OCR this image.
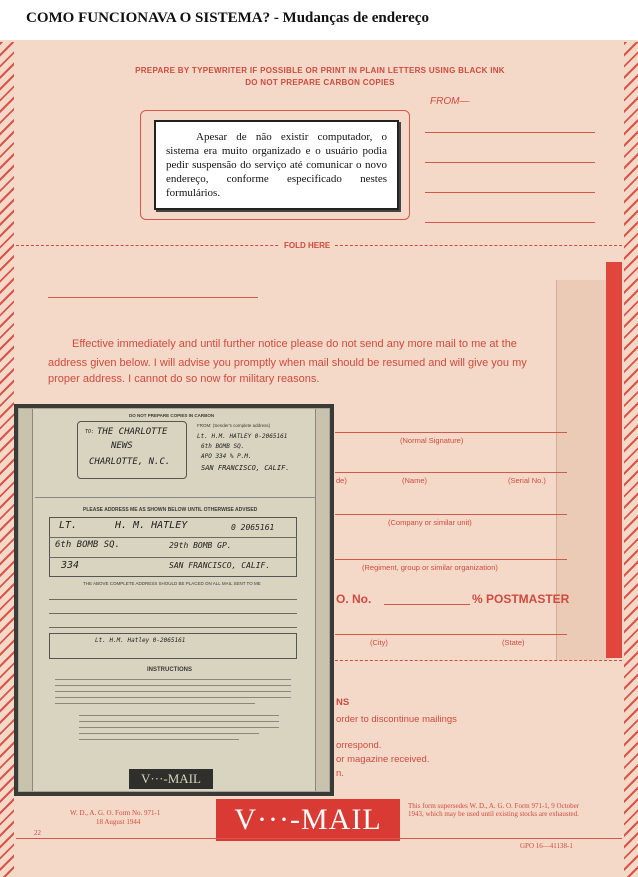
COMO FUNCIONAVA O SISTEMA? - Mudanças de endereço
PREPARE BY TYPEWRITER IF POSSIBLE OR PRINT IN PLAIN LETTERS USING BLACK INK
DO NOT PREPARE CARBON COPIES
FROM—
Apesar de não existir computador, o sistema era muito organizado e o usuário podia pedir suspensão do serviço até comunicar o novo endereço, conforme especificado nestes formulários.
FOLD HERE
Effective immediately and until further notice please do not send any more mail to me at the
address given below. I will advise you promptly when mail should be resumed and will give you my
proper address. I cannot do so now for military reasons.
(Normal Signature)
de)	(Name)	(Serial No.)
(Company or similar unit)
(Regiment, group or similar organization)
O. No.	% POSTMASTER
(City)	(State)
NS
order to discontinue mailings
orrespond.
or magazine received.
n.
V···-MAIL
W. D., A. G. O. Form No. 971-1
18 August 1944
This form supersedes W. D., A. G. O. Form 971-1, 9 October 1943, which may be used until existing stocks are exhausted.
22
GPO 16—41138-1
DO NOT PREPARE COPIES IN CARBON
TO: THE CHARLOTTE
NEWS
CHARLOTTE, N.C.
FROM: (Sender's complete address)
Lt. H.M. HATLEY 0-2065161
6th BOMB SQ.
APO 334 % P.M.
SAN FRANCISCO, CALIF.
PLEASE ADDRESS ME AS SHOWN BELOW UNTIL OTHERWISE ADVISED
LT.	H. M. HATLEY	0 2065161
6th BOMB SQ.	29th BOMB GP.
334	SAN FRANCISCO, CALIF.
THE ABOVE COMPLETE ADDRESS SHOULD BE PLACED ON ALL MAIL SENT TO ME
Lt. H.M. Hatley 0-2065161
INSTRUCTIONS
V···-MAIL
